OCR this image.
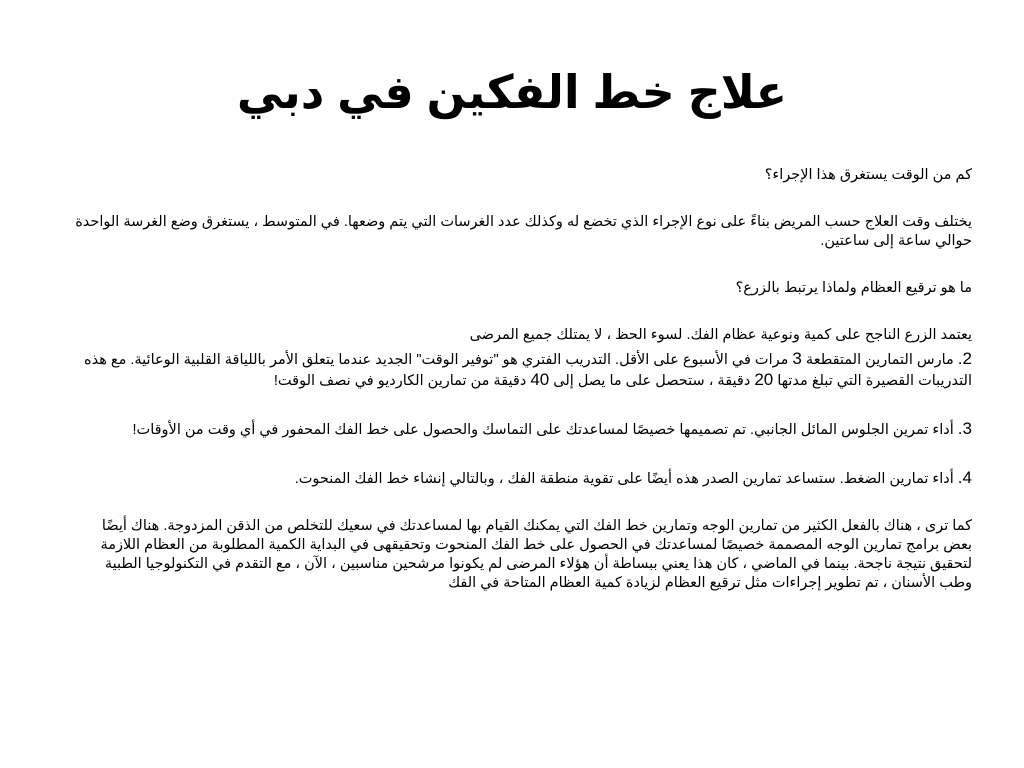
علاج خط الفكين في دبي

كم من الوقت يستغرق هذا الإجراء؟

يختلف وقت العلاج حسب المريض بناءً على نوع الإجراء الذي تخضع له وكذلك عدد الغرسات التي يتم وضعها. في المتوسط ، يستغرق وضع الغرسة الواحدة حوالي ساعة إلى ساعتين.

ما هو ترقيع العظام ولماذا يرتبط بالزرع؟

يعتمد الزرع الناجح على كمية ونوعية عظام الفك. لسوء الحظ ، لا يمتلك جميع المرضى

2. مارس التمارين المتقطعة 3 مرات في الأسبوع على الأقل. التدريب الفتري هو "توفير الوقت" الجديد عندما يتعلق الأمر باللياقة القلبية الوعائية. مع هذه التدريبات القصيرة التي تبلغ مدتها 20 دقيقة ، ستحصل على ما يصل إلى 40 دقيقة من تمارين الكارديو في نصف الوقت!

3. أداء تمرين الجلوس المائل الجانبي. تم تصميمها خصيصًا لمساعدتك على التماسك والحصول على خط الفك المحفور في أي وقت من الأوقات!

4. أداء تمارين الضغط. ستساعد تمارين الصدر هذه أيضًا على تقوية منطقة الفك ، وبالتالي إنشاء خط الفك المنحوت.

كما ترى ، هناك بالفعل الكثير من تمارين الوجه وتمارين خط الفك التي يمكنك القيام بها لمساعدتك في سعيك للتخلص من الذقن المزدوجة. هناك أيضًا بعض برامج تمارين الوجه المصممة خصيصًا لمساعدتك في الحصول على خط الفك المنحوت وتحقيقهى في البداية الكمية المطلوبة من العظام اللازمة لتحقيق نتيجة ناجحة. بينما في الماضي ، كان هذا يعني ببساطة أن هؤلاء المرضى لم يكونوا مرشحين مناسبين ، الآن ، مع التقدم في التكنولوجيا الطبية وطب الأسنان ، تم تطوير إجراءات مثل ترقيع العظام لزيادة كمية العظام المتاحة في الفك
